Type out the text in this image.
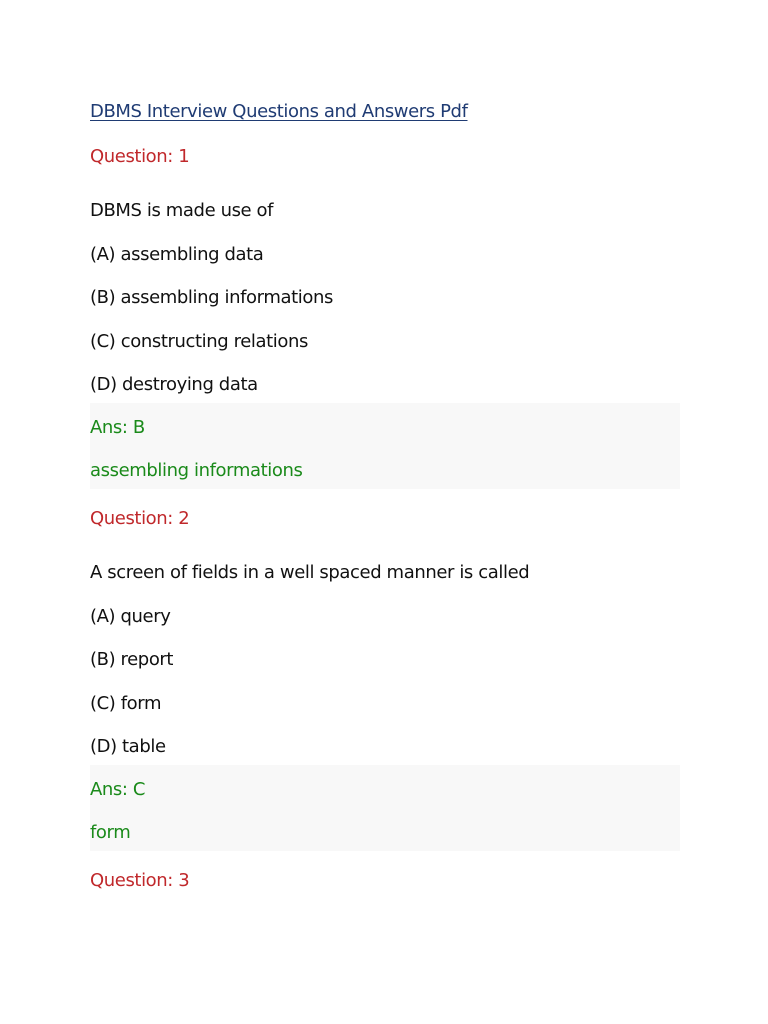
DBMS Interview Questions and Answers Pdf
Question: 1
DBMS is made use of
(A) assembling data
(B) assembling informations
(C) constructing relations
(D) destroying data
Ans: B
assembling informations
Question: 2
A screen of fields in a well spaced manner is called
(A) query
(B) report
(C) form
(D) table
Ans: C
form
Question: 3
